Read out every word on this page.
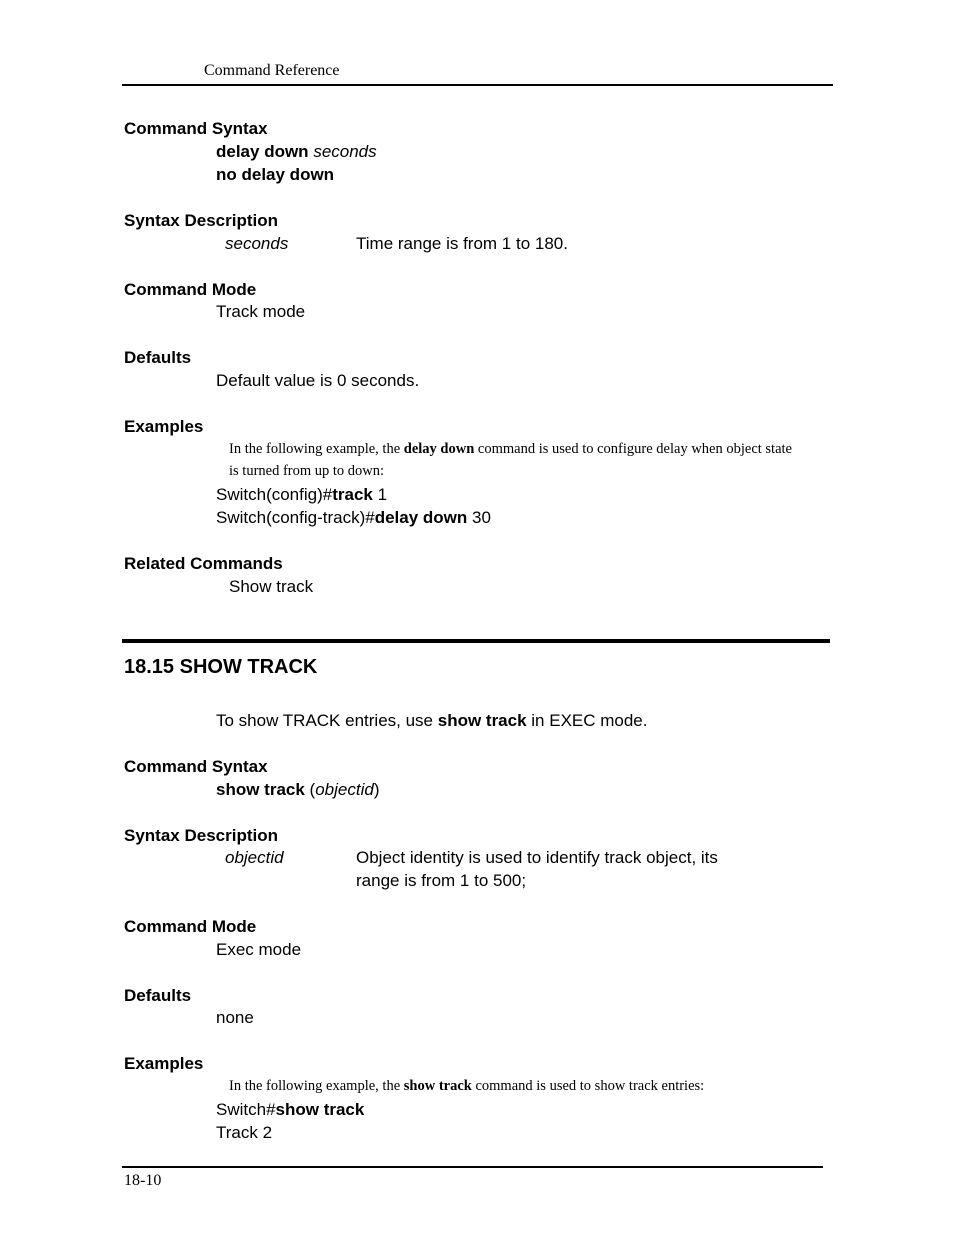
Command Reference
Command Syntax
delay down seconds
no delay down
Syntax Description
seconds	Time range is from 1 to 180.
Command Mode
Track mode
Defaults
Default value is 0 seconds.
Examples
In the following example, the delay down command is used to configure delay when object state
is turned from up to down:
Switch(config)#track 1
Switch(config-track)#delay down 30
Related Commands
Show track
18.15 SHOW TRACK
To show TRACK entries, use show track in EXEC mode.
Command Syntax
show track (objectid)
Syntax Description
objectid	Object identity is used to identify track object, its
range is from 1 to 500;
Command Mode
Exec mode
Defaults
none
Examples
In the following example, the show track command is used to show track entries:
Switch#show track
Track 2
18-10
